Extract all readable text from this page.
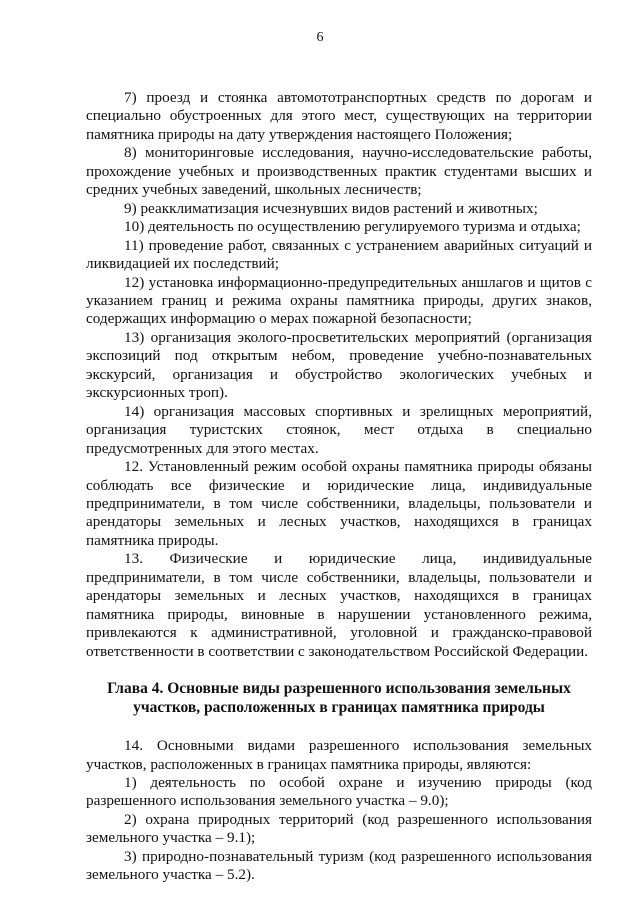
6

7) проезд и стоянка автомототранспортных средств по дорогам и специально обустроенных для этого мест, существующих на территории памятника природы на дату утверждения настоящего Положения;

8) мониторинговые исследования, научно-исследовательские работы, прохождение учебных и производственных практик студентами высших и средних учебных заведений, школьных лесничеств;

9) реакклиматизация исчезнувших видов растений и животных;

10) деятельность по осуществлению регулируемого туризма и отдыха;

11) проведение работ, связанных с устранением аварийных ситуаций и ликвидацией их последствий;

12) установка информационно-предупредительных аншлагов и щитов с указанием границ и режима охраны памятника природы, других знаков, содержащих информацию о мерах пожарной безопасности;

13) организация эколого-просветительских мероприятий (организация экспозиций под открытым небом, проведение учебно-познавательных экскурсий, организация и обустройство экологических учебных и экскурсионных троп).

14) организация массовых спортивных и зрелищных мероприятий, организация туристских стоянок, мест отдыха в специально предусмотренных для этого местах.

12. Установленный режим особой охраны памятника природы обязаны соблюдать все физические и юридические лица, индивидуальные предприниматели, в том числе собственники, владельцы, пользователи и арендаторы земельных и лесных участков, находящихся в границах памятника природы.

13. Физические и юридические лица, индивидуальные предприниматели, в том числе собственники, владельцы, пользователи и арендаторы земельных и лесных участков, находящихся в границах памятника природы, виновные в нарушении установленного режима, привлекаются к административной, уголовной и гражданско-правовой ответственности в соответствии с законодательством Российской Федерации.

Глава 4. Основные виды разрешенного использования земельных
участков, расположенных в границах памятника природы

14. Основными видами разрешенного использования земельных участков, расположенных в границах памятника природы, являются:

1) деятельность по особой охране и изучению природы (код разрешенного использования земельного участка – 9.0);

2) охрана природных территорий (код разрешенного использования земельного участка – 9.1);

3) природно-познавательный туризм (код разрешенного использования земельного участка – 5.2).
